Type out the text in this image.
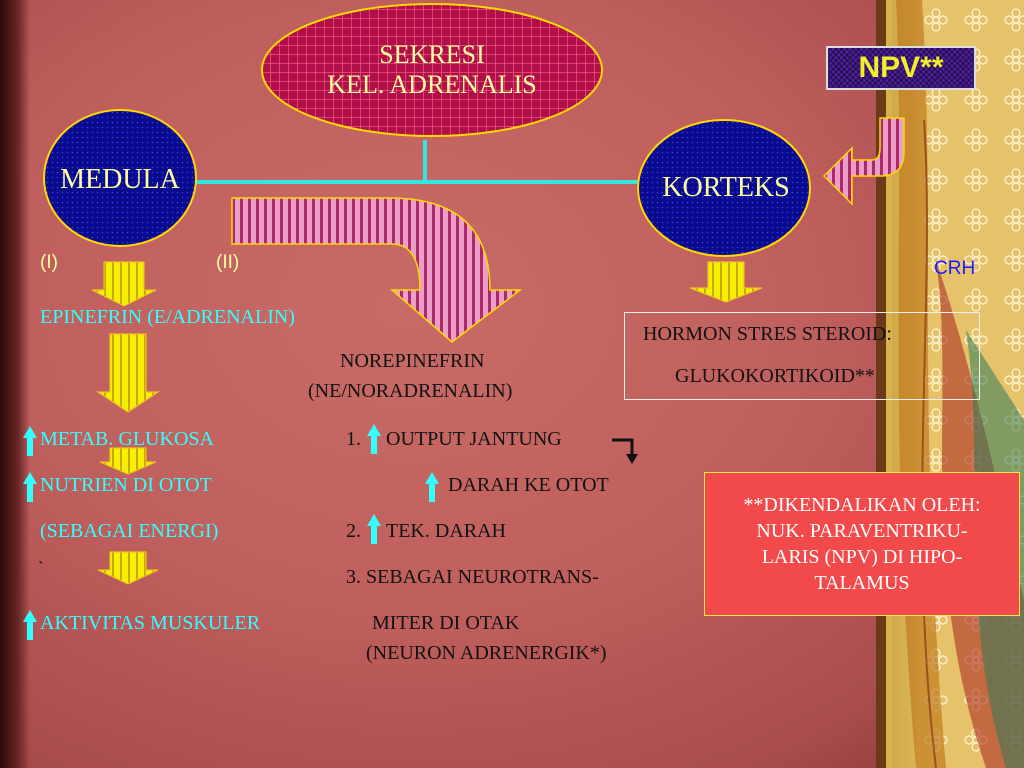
SEKRESI
KEL. ADRENALIS
MEDULA	KORTEKS
NPV**
CRH
(I)	(II)
EPINEFRIN (E/ADRENALIN)
NOREPINEFRIN
(NE/NORADRENALIN)
HORMON STRES STEROID:
GLUKOKORTIKOID**
METAB. GLUKOSA
NUTRIEN DI OTOT
(SEBAGAI ENERGI)
`
AKTIVITAS MUSKULER
1. OUTPUT JANTUNG
DARAH KE OTOT
2. TEK. DARAH
3. SEBAGAI NEUROTRANS-
MITER DI OTAK
(NEURON ADRENERGIK*)
**DIKENDALIKAN OLEH:
NUK. PARAVENTRIKU-
LARIS (NPV) DI HIPO-
TALAMUS
